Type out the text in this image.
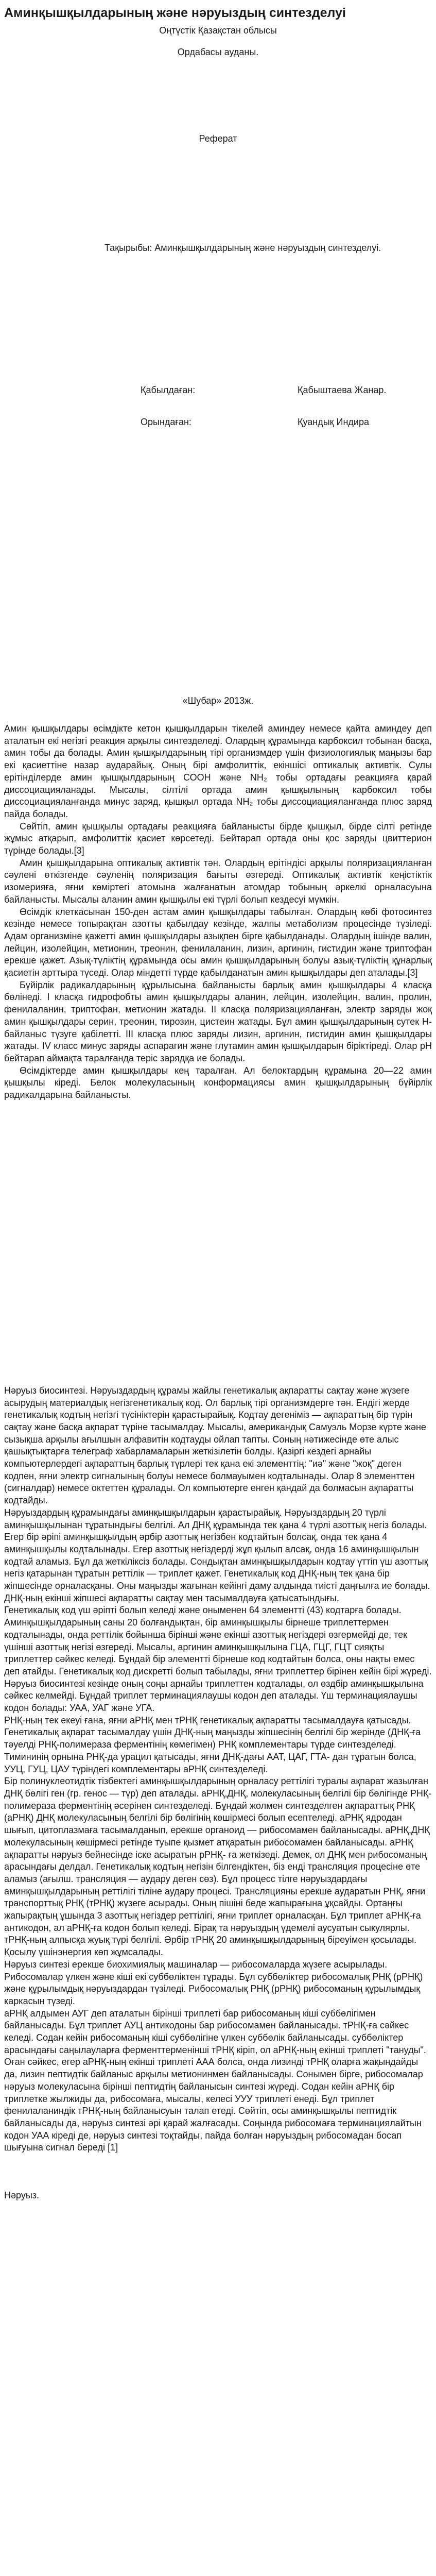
Аминқышқылдарының және нәруыздың синтезделуі
Оңтүстік Қазақстан облысы
Ордабасы ауданы.
Реферат
Тақырыбы: Аминқышқылдарының және нәруыздың синтезделуі.
Қабылдаған:	Қабыштаева Жанар.
Орындаған:	Қуандық Индира
«Шубар» 2013ж.

Амин қышқылдары өсімдікте кетон қышқылдарын тікелей аминдеу немесе қайта аминдеу деп аталатын екі негізгі реакция арқылы синтезделеді. Олардың құрамында карбоксил тобынан басқа, амин тобы да болады. Амин қышқылдарының тірі организмдер үшін физиологиялық маңызы бар екі қасиеттіне назар аударайық. Оның бірі амфолиттік, екіншісі оптикалық активтік. Сулы ерітінділерде амин қышқылдарының СООН және NH₂ тобы ортадағы реакцияға қарай диссоциацияланады. Мысалы, сілтілі ортада амин қышқылының карбоксил тобы диссоциацияланғанда минус заряд, қышқыл ортада NH₂ тобы диссоциацияланғанда плюс заряд пайда болады.

Сөйтіп, амин қышқылы ортадағы реакцияға байланысты бірде қышқыл, бірде сілті ретінде жұмыс атқарып, амфолиттік қасиет көрсетеді. Бейтарап ортада оны қос заряды цвиттерион түрінде болады.[3]

Амин қышқылдарына оптикалық активтік тән. Олардың ерітіндісі арқылы поляризацияланған сәулені өткізгенде сәуленің поляризация бағыты өзгереді. Оптикалық активтік кеңістіктік изомерияға, яғни көміртегі атомына жалғанатын атомдар тобының әркелкі орналасуына байланысты. Мысалы аланин амин қышқылы екі түрлі болып кездесуі мүмкін.

Өсімдік клеткасынан 150-ден астам амин қышқылдары табылған. Олардың көбі фотосинтез кезінде немесе топырақтан азотты қабылдау кезінде, жалпы метаболизм процесінде түзіледі. Адам организміне қажетті амин қышқылдары азықпен бірге қабылданады. Олардың ішінде валин, лейцин, изолейцин, метионин, треонин, фенилаланин, лизин, аргинин, гистидин және триптофан ерекше қажет. Азық-түліктің құрамында осы амин қышқылдарының болуы азық-түліктің құнарлық қасиетін арттыра түседі. Олар міндетті түрде қабылданатын амин қышқылдары деп аталады.[3]

Бүйірлік радикалдарының құрылысына байланысты барлық амин қышқылдары 4 класқа бөлінеді. I класқа гидрофобты амин қышқылдары аланин, лейцин, изолейцин, валин, пролин, фенилаланин, триптофан, метионин жатады. II класқа поляризацияланған, электр заряды жоқ амин қышқылдары серин, треонин, тирозин, цистеин жатады. Бұл амин қышқылдарының сутек H-байланыс түзуге қабілетті. III класқа плюс заряды лизин, аргинин, гистидин амин қышқылдары жатады. IV класс минус заряды аспарагин және глутамин амин қышқылдарын біріктіреді. Олар рН бейтарап аймақта таралғанда теріс зарядқа ие болады.

Өсімдіктерде амин қышқылдары кең таралған. Ал белоктардың құрамына 20—22 амин қышқылы кіреді. Белок молекуласының конформациясы амин қышқылдарының бүйірлік радикалдарына байланысты.

Нәруыз биосинтезі. Нәруыздардың құрамы жайлы генетикалық ақпаратты сақтау және жүзеге асырудың материалдық негізгенетикалық код. Ол барлық тірі организмдерге тән. Ендігі жерде генетикалық кодтың негізгі түсініктерін қарастырайық. Кодтау дегеніміз — ақпараттың бір түрін сақтау және басқа ақпарат түріне тасымалдау. Мысалы, американдық Самуэль Морзе күрте және сызықша арқылы ағылшын алфавитін кодтауды ойлап тапты. Соның нәтижесінде өте алыс қашықтықтарға телеграф хабарламаларын жеткізілетін болды. Қазіргі кездегі арнайы компьютерлердегі ақпараттың барлық түрлері тек қана екі элементтің: "иә" және "жоқ" деген кодпен, яғни электр сигналының болуы немесе болмауымен кодталынады. Олар 8 элементтен (сигналдар) немесе октеттен құралады. Ол компьютерге енген қандай да болмасын ақпаратты кодтайды.

Нәруыздардың құрамындағы аминқышқылдарын қарастырайық. Нәруыздардың 20 түрлі аминқышқылынан тұратындығы белгілі. Ал ДНҚ құрамында тек қана 4 түрлі азоттық негіз болады. Егер бір әріпі аминқышқылдың әрбір азоттық негізбен кодтайтын болсақ, онда тек қана 4 аминқышқылы кодталынады. Егер азоттық негіздерді жұп қылып алсақ, онда 16 аминқышқылын кодтай аламыз. Бұл да жеткіліксіз болады. Сондықтан аминқышқылдарын кодтау үттіп үш азоттық негіз қатарынан тұратын реттілік — триплет қажет. Генетикалық код ДНҚ-ның тек қана бір жіпшесінде орналасқаны. Оны маңызды жағынан кейінгі даму алдында тиісті даңғылға ие болады. ДНҚ-ның екінші жіпшесі ақпаратты сақтау мен тасымалдауға қатысатындығы.

Генетикалық код үш әріпті болып келеді және оныменен 64 элементті (43) кодтарға болады. Аминқышқылдарының саны 20 болғандықтан, бір аминқышқылы бірнеше триплеттермен кодталынады, онда реттілік бойынша бірінші және екінші азоттық негіздері өзгермейді де, тек үшінші азоттық негізі өзгереді. Мысалы, аргинин аминқышқылына ГЦА, ГЦГ, ГЦТ сияқты триплеттер сәйкес келеді. Бұндай бір элементті бірнеше код кодтайтын болса, оны нақты емес деп атайды. Генетикалық код дискретті болып табылады, яғни триплеттер бірінен кейін бірі жүреді.

Нәруыз биосинтезі кезінде оның соңы арнайы триплеттен кодталады, ол өздбір аминқышқылына сәйкес келмейді. Бұндай триплет терминациялаушы кодон деп аталады. Үш терминациялаушы кодон болады: УАА, УАГ және УГА.

РНҚ-ның тек екеуі ғана, яғни аРНҚ мен тРНҚ генетикалық ақпаратты тасымалдауға қатысады. Генетикалық ақпарат тасымалдау үшін ДНҚ-ның маңызды жіпшесінің белгілі бір жерінде (ДНҚ-ға тәуелді РНҚ-полимераза ферментінің көмегімен) РНҚ комплементары түрде синтезделеді. Тимининің орнына РНҚ-да урацил қатысады, яғни ДНҚ-дағы ААТ, ЦАГ, ГТА- дан тұратын болса, УУЦ, ГУЦ, ЦАУ түріндегі комплементары аРНҚ синтезделеді.

Бір полинуклеотидтік тізбектегі аминқышқылдарының орналасу реттілігі туралы ақпарат жазылған ДНҚ бөлігі ген (гр. генос — түр) деп аталады. аРНҚ,ДНҚ, молекуласының белгілі бір бөлігінде РНҚ- полимераза ферментінің әсерінен синтезделеді. Бұндай жолмен синтезделген ақпараттық РНҚ (аРНҚ) ДНҚ молекуласының белгілі бір бөлігінің көшірмесі болып есептеледі. аРНҚ ядродан шығып, цитоплазмаға тасымалданып, ерекше органоид — рибосомамен байланысады. аРНҚ,ДНҚ молекуласының көшірмесі ретінде туыпе қызмет атқаратын рибосомамен байланысады. аРНҚ ақпаратты нәруыз бейнесінде іске асыратын рРНҚ- ға жеткізеді. Демек, ол ДНҚ мен рибосоманың арасындағы делдал. Генетикалық кодтың негізін білгендіктен, біз енді трансляция процесіне өте аламыз (ағылш. трансляция — аудару деген сөз). Бұл процесс тілге нәруыздардағы аминқышқылдарының реттілігі тіліне аудару процесі. Трансляцияны ерекше аударатын РНҚ, яғни транспорттық РНҚ (тРНҚ) жүзеге асырады. Оның пішіні беде жапырағына ұқсайды. Ортаңғы жапырақтың ұшында 3 азоттық негіздер реттілігі, яғни триплет орналасқан. Бұл триплет аРНҚ-ға антикодон, ал аРНҚ-ға кодон болып келеді. Бірақ та нәруыздың үдемелі аусуатын сыкулярлы. тРНҚ-ның алпысқа жуық түрі белгілі. Әрбір тРНҚ 20 аминқышқылдарының біреуімен қосылады. Қосылу үшінэнергия көп жұмсалады.

Нәруыз синтезі ерекше биохимиялық машиналар — рибосомаларда жүзеге асырылады. Рибосомалар үлкен және кіші екі суббөліктен тұрады. Бұл суббөліктер рибосомалық РНҚ (рРНҚ) және құрылымдық нәруыздардан түзіледі. Рибосомалық РНҚ (рРНҚ) рибосоманың құрылымдық каркасын түзеді.

аРНҚ алдымен АУГ деп аталатын бірінші триплеті бар рибосоманың кіші суббөлігімен байланысады. Бұл триплет АУЦ антикодоны бар рибосомамен байланысады. тРНҚ-ға сәйкес келеді. Содан кейін рибосоманың кіші суббөлігіне үлкен суббөлік байланысады. суббөліктер арасындағы саңылауларға ферменттерменінші тРНҚ кіріп, ол аРНҚ-ның екінші триплеті "тануды". Оған сәйкес, егер аРНҚ-ның екінші триплеті ААА болса, онда лизинді тРНҚ оларға жақындайды да, лизин пептидтік байланыс арқылы метионинмен байланысады. Сонымен бірге, рибосомалар нәруыз молекуласына бірінші пептидтің байланысын синтезі жүреді. Содан кейін аРНҚ бір триплетке жылжиды да, рибосомаға, мысалы, келесі УУУ триплеті енеді. Бұл триплет фенилаланиндік тРНҚ-ның байланысуын талап етеді. Сөйтіп, осы аминқышқылы пептидтік байланысады да, нәруыз синтезі әрі қарай жалғасады. Соңында рибосомаға терминациялайтын кодон УАА кіреді де, нәруыз синтезі тоқтайды, пайда болған нәруыздың рибосомадан босап шығуына сигнал береді [1]

Нәруыз.
